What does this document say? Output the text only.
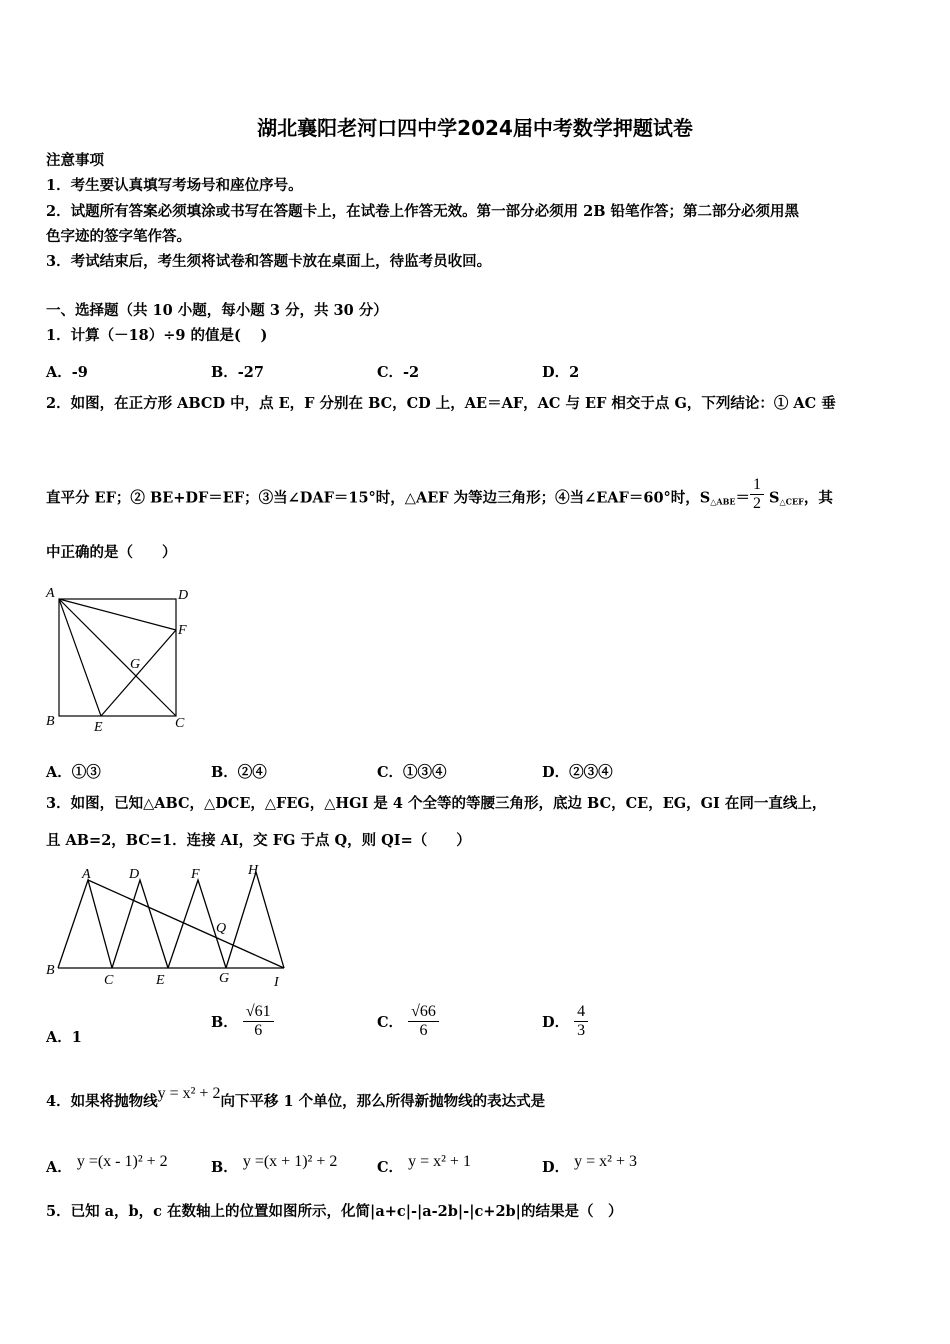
湖北襄阳老河口四中学2024届中考数学押题试卷
注意事项
1．考生要认真填写考场号和座位序号。
2．试题所有答案必须填涂或书写在答题卡上，在试卷上作答无效。第一部分必须用 2B 铅笔作答；第二部分必须用黑
色字迹的签字笔作答。
3．考试结束后，考生须将试卷和答题卡放在桌面上，待监考员收回。
一、选择题（共 10 小题，每小题 3 分，共 30 分）
1．计算（－18）÷9 的值是(　 )
A．-9	B．-27	C．-2	D．2
2．如图，在正方形 ABCD 中，点 E，F 分别在 BC，CD 上，AE＝AF，AC 与 EF 相交于点 G，下列结论：① AC 垂
直平分 EF；② BE+DF＝EF；③当∠DAF＝15°时，△AEF 为等边三角形；④当∠EAF＝60°时，$S_{\triangle ABE}= \frac{1}{2} S_{\triangle CEF}$，其
中正确的是（　　）
A	D
F
G
B	E	C
A．①③	B．②④	C．①③④	D．②③④
3．如图，已知△ABC，△DCE，△FEG，△HGI 是 4 个全等的等腰三角形，底边 BC，CE，EG，GI 在同一直线上，
且 AB=2，BC=1．连接 AI，交 FG 于点 Q，则 QI=（　　）
A	D	F	H
Q
B
C	E	G	I
A．1
B． $\frac{√61}{6}$	C． $\frac{√66}{6}$	D． $\frac{4}{3}$
4．如果将抛物线y = x² + 2向下平移 1 个单位，那么所得新抛物线的表达式是
A． y =(x - 1)² + 2	B． y =(x + 1)² + 2	C． y = x² + 1	D． y = x² + 3
5．已知 a，b，c 在数轴上的位置如图所示，化简|a+c|-|a-2b|-|c+2b|的结果是（　）
